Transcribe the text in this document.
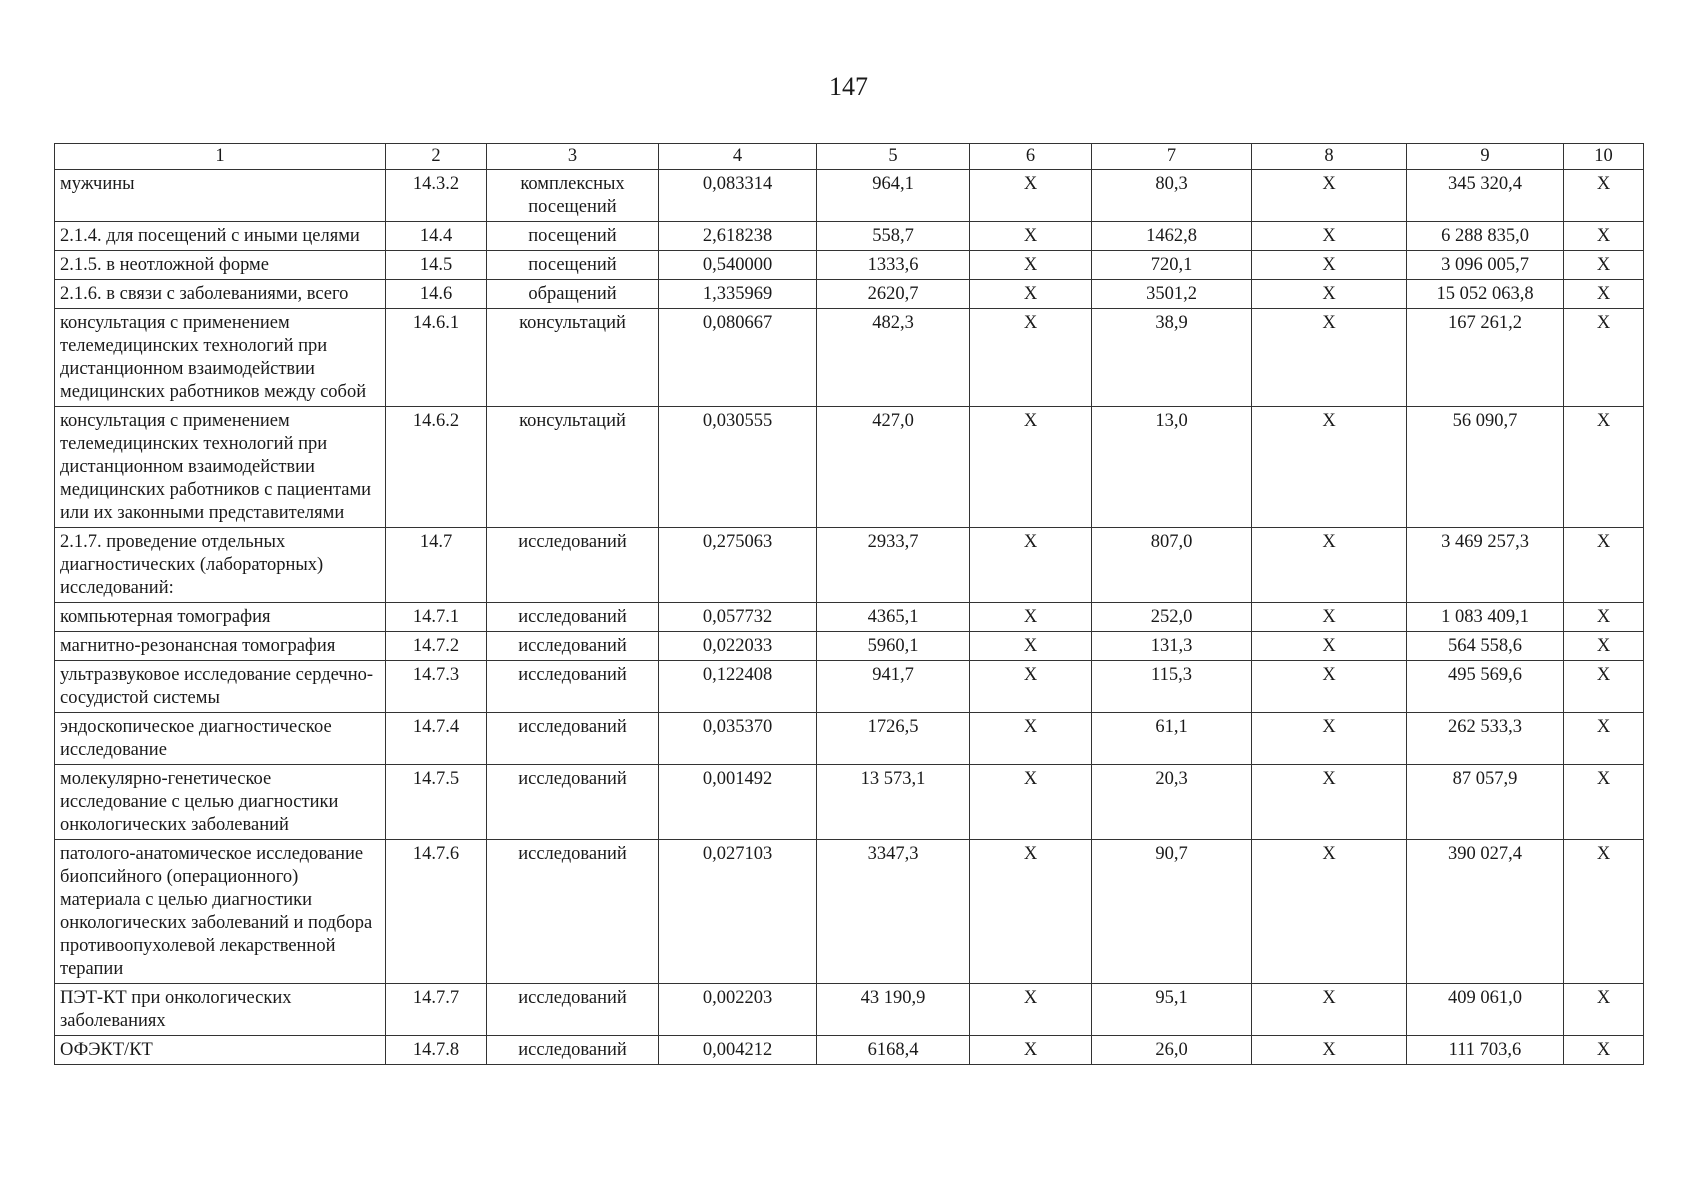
147
1	2	3	4	5	6	7	8	9	10
мужчины	14.3.2	комплексных посещений	0,083314	964,1	Х	80,3	Х	345 320,4	Х
2.1.4. для посещений с иными целями	14.4	посещений	2,618238	558,7	Х	1462,8	Х	6 288 835,0	Х
2.1.5. в неотложной форме	14.5	посещений	0,540000	1333,6	Х	720,1	Х	3 096 005,7	Х
2.1.6. в связи с заболеваниями, всего	14.6	обращений	1,335969	2620,7	Х	3501,2	Х	15 052 063,8	Х
консультация с применением телемедицинских технологий при дистанционном взаимодействии медицинских работников между собой	14.6.1	консультаций	0,080667	482,3	Х	38,9	Х	167 261,2	Х
консультация с применением телемедицинских технологий при дистанционном взаимодействии медицинских работников с пациентами или их законными представителями	14.6.2	консультаций	0,030555	427,0	Х	13,0	Х	56 090,7	Х
2.1.7. проведение отдельных диагностических (лабораторных) исследований:	14.7	исследований	0,275063	2933,7	Х	807,0	Х	3 469 257,3	Х
компьютерная томография	14.7.1	исследований	0,057732	4365,1	Х	252,0	Х	1 083 409,1	Х
магнитно-резонансная томография	14.7.2	исследований	0,022033	5960,1	Х	131,3	Х	564 558,6	Х
ультразвуковое исследование сердечно-сосудистой системы	14.7.3	исследований	0,122408	941,7	Х	115,3	Х	495 569,6	Х
эндоскопическое диагностическое исследование	14.7.4	исследований	0,035370	1726,5	Х	61,1	Х	262 533,3	Х
молекулярно-генетическое исследование с целью диагностики онкологических заболеваний	14.7.5	исследований	0,001492	13 573,1	Х	20,3	Х	87 057,9	Х
патолого-анатомическое исследование биопсийного (операционного) материала с целью диагностики онкологических заболеваний и подбора противоопухолевой лекарственной терапии	14.7.6	исследований	0,027103	3347,3	Х	90,7	Х	390 027,4	Х
ПЭТ-КТ при онкологических заболеваниях	14.7.7	исследований	0,002203	43 190,9	Х	95,1	Х	409 061,0	Х
ОФЭКТ/КТ	14.7.8	исследований	0,004212	6168,4	Х	26,0	Х	111 703,6	Х
